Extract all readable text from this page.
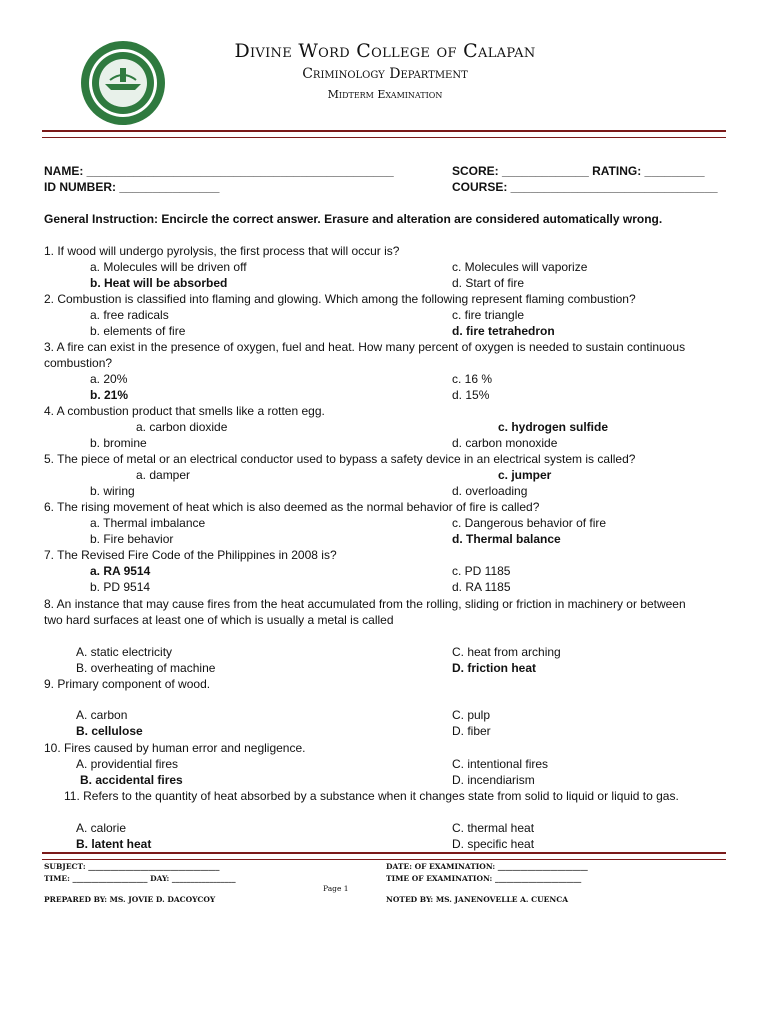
Divine Word College of Calapan
Criminology Department
Midterm Examination
NAME: ______________________________________________	SCORE: _____________ RATING: _________
ID NUMBER: _______________	COURSE: _______________________________
General Instruction: Encircle the correct answer. Erasure and alteration are considered automatically wrong.
1. If wood will undergo pyrolysis, the first process that will occur is?
a. Molecules will be driven off	c. Molecules will vaporize
b. Heat will be absorbed	d. Start of fire
2. Combustion is classified into flaming and glowing. Which among the following represent flaming combustion?
a. free radicals	c. fire triangle
b. elements of fire	d. fire tetrahedron
3. A fire can exist in the presence of oxygen, fuel and heat. How many percent of oxygen is needed to sustain continuous
combustion?
a. 20%	c. 16 %
b. 21%	d. 15%
4. A combustion product that smells like a rotten egg.
a. carbon dioxide	c. hydrogen sulfide
b. bromine	d. carbon monoxide
5. The piece of metal or an electrical conductor used to bypass a safety device in an electrical system is called?
a. damper	c. jumper
b. wiring	d. overloading
6. The rising movement of heat which is also deemed as the normal behavior of fire is called?
a. Thermal imbalance	c. Dangerous behavior of fire
b. Fire behavior	d. Thermal balance
7. The Revised Fire Code of the Philippines in 2008 is?
a. RA 9514	c. PD 1185
b. PD 9514	d. RA 1185
8. An instance that may cause fires from the heat accumulated from the rolling, sliding or friction in machinery or between
two hard surfaces at least one of which is usually a metal is called
A. static electricity	C. heat from arching
B. overheating of machine	D. friction heat
9. Primary component of wood.
A. carbon	C. pulp
B. cellulose	D. fiber
10. Fires caused by human error and negligence.
A. providential fires	C. intentional fires
B. accidental fires	D. incendiarism
11. Refers to the quantity of heat absorbed by a substance when it changes state from solid to liquid or liquid to gas.
A. calorie	C. thermal heat
B. latent heat	D. specific heat
SUBJECT: ___________________________________	DATE: OF EXAMINATION: ________________________
TIME: ____________________ DAY: _________________	TIME OF EXAMINATION: _______________________
Page 1
PREPARED BY: MS. JOVIE D. DACOYCOY	NOTED BY: MS. JANENOVELLE A. CUENCA
